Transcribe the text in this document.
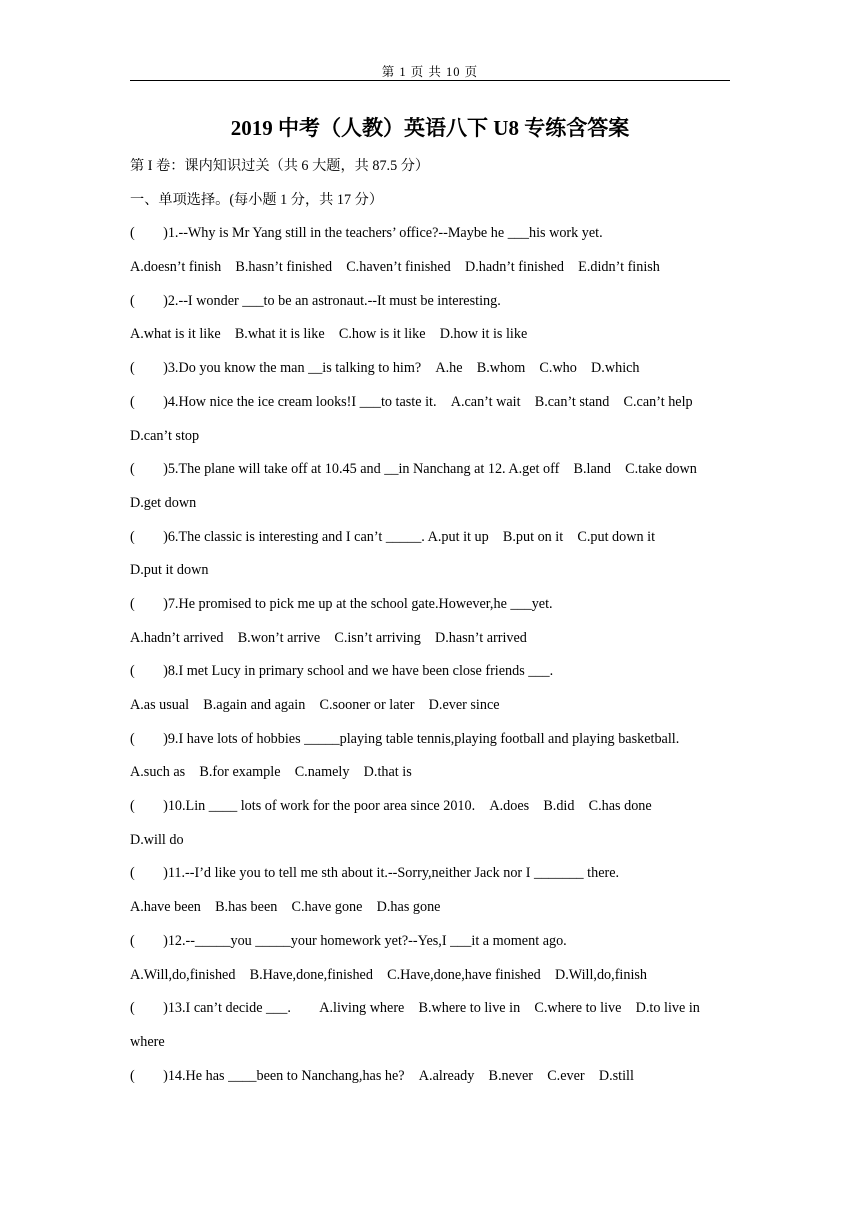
第 1 页 共 10 页
2019 中考（人教）英语八下 U8 专练含答案
第 I 卷：课内知识过关（共 6 大题，共 87.5 分）
一、单项选择。(每小题 1 分，共 17 分）
(　　)1.--Why is Mr Yang still in the teachers’ office?--Maybe he ___his work yet.
A.doesn’t finish　B.hasn’t finished　C.haven’t finished　D.hadn’t finished　E.didn’t finish
(　　)2.--I wonder ___to be an astronaut.--It must be interesting.
A.what is it like　B.what it is like　C.how is it like　D.how it is like
(　　)3.Do you know the man __is talking to him?　A.he　B.whom　C.who　D.which
(　　)4.How nice the ice cream looks!I ___to taste it.　A.can’t wait　B.can’t stand　C.can’t help
D.can’t stop
(　　)5.The plane will take off at 10.45 and __in Nanchang at 12. A.get off　B.land　C.take down
D.get down
(　　)6.The classic is interesting and I can’t _____. A.put it up　B.put on it　C.put down it
D.put it down
(　　)7.He promised to pick me up at the school gate.However,he ___yet.
A.hadn’t arrived　B.won’t arrive　C.isn’t arriving　D.hasn’t arrived
(　　)8.I met Lucy in primary school and we have been close friends ___.
A.as usual　B.again and again　C.sooner or later　D.ever since
(　　)9.I have lots of hobbies _____playing table tennis,playing football and playing basketball.
A.such as　B.for example　C.namely　D.that is
(　　)10.Lin ____ lots of work for the poor area since 2010.　A.does　B.did　C.has done
D.will do
(　　)11.--I’d like you to tell me sth about it.--Sorry,neither Jack nor I _______ there.
A.have been　B.has been　C.have gone　D.has gone
(　　)12.--_____you _____your homework yet?--Yes,I ___it a moment ago.
A.Will,do,finished　B.Have,done,finished　C.Have,done,have finished　D.Will,do,finish
(　　)13.I can’t decide ___.　　A.living where　B.where to live in　C.where to live　D.to live in
where
(　　)14.He has ____been to Nanchang,has he?　A.already　B.never　C.ever　D.still
